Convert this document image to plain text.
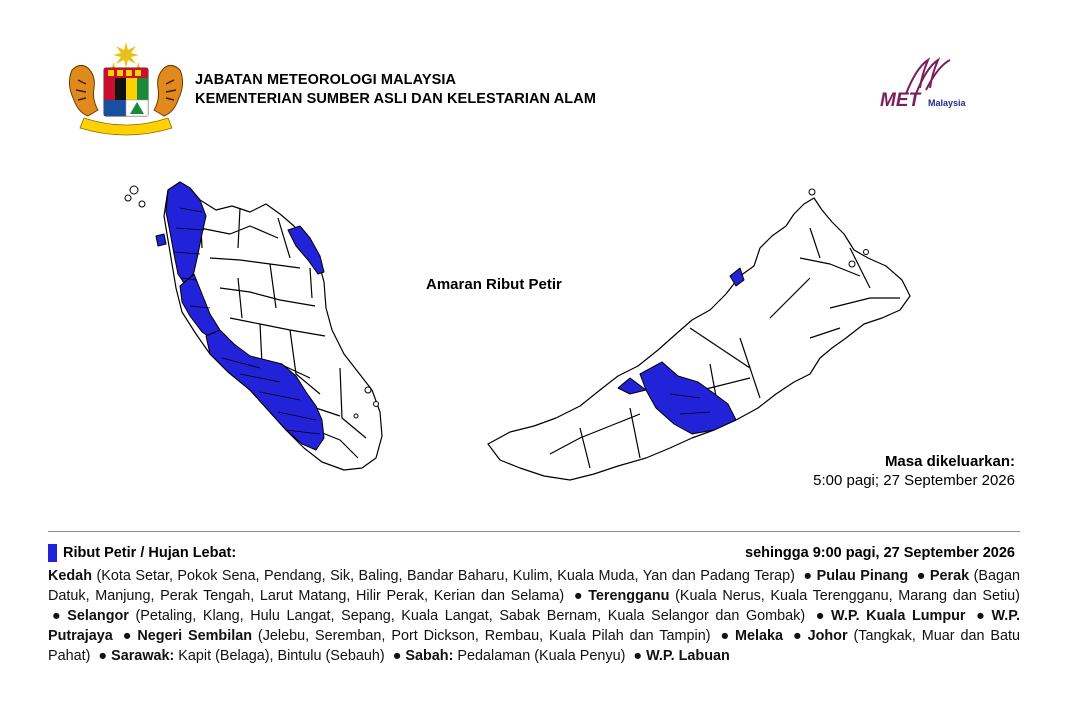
JABATAN METEOROLOGI MALAYSIA
KEMENTERIAN SUMBER ASLI DAN KELESTARIAN ALAM	MET Malaysia
Amaran Ribut Petir
Masa dikeluarkan:
5:00 pagi; 27 September 2026
Ribut Petir / Hujan Lebat:	sehingga 9:00 pagi, 27 September 2026
Kedah (Kota Setar, Pokok Sena, Pendang, Sik, Baling, Bandar Baharu, Kulim, Kuala Muda, Yan dan Padang Terap) ● Pulau Pinang ● Perak (Bagan Datuk, Manjung, Perak Tengah, Larut Matang, Hilir Perak, Kerian dan Selama) ● Terengganu (Kuala Nerus, Kuala Terengganu, Marang dan Setiu) ● Selangor (Petaling, Klang, Hulu Langat, Sepang, Kuala Langat, Sabak Bernam, Kuala Selangor dan Gombak) ● W.P. Kuala Lumpur ● W.P. Putrajaya ● Negeri Sembilan (Jelebu, Seremban, Port Dickson, Rembau, Kuala Pilah dan Tampin) ● Melaka ● Johor (Tangkak, Muar dan Batu Pahat) ● Sarawak: Kapit (Belaga), Bintulu (Sebauh) ● Sabah: Pedalaman (Kuala Penyu) ● W.P. Labuan
